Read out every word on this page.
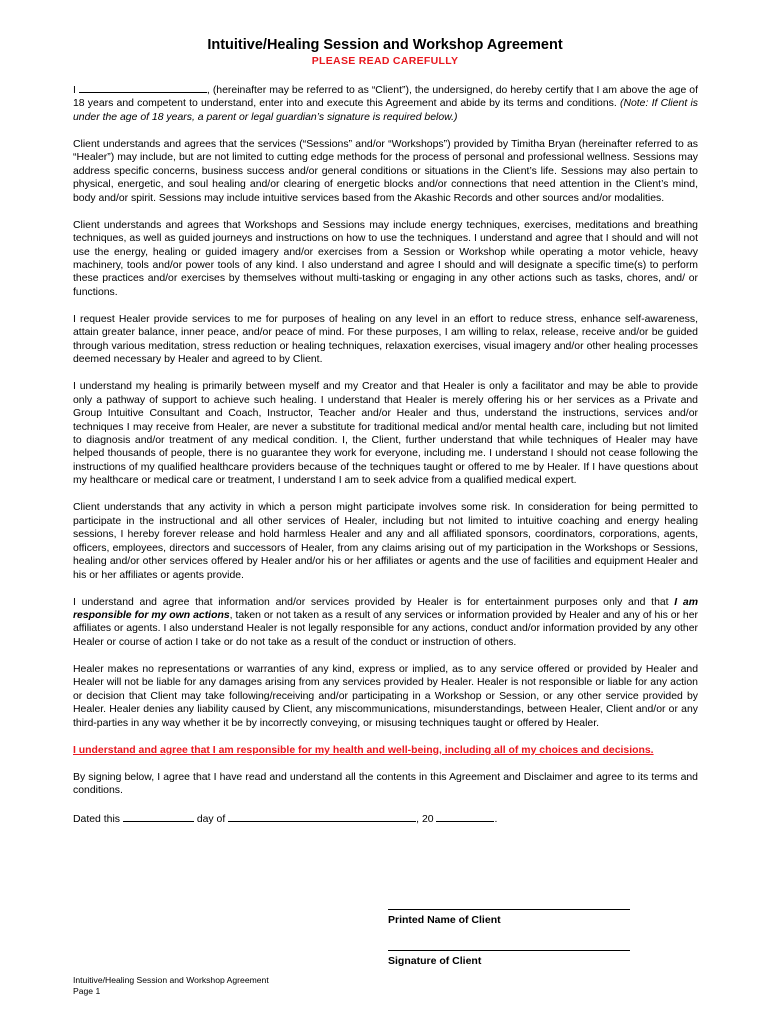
Intuitive/Healing Session and Workshop Agreement
PLEASE READ CAREFULLY

I	, (hereinafter may be referred to as “Client”), the undersigned, do hereby certify that I am above the age of 18 years and competent to understand, enter into and execute this Agreement and abide by its terms and conditions. (Note: If Client is under the age of 18 years, a parent or legal guardian’s signature is required below.)

Client understands and agrees that the services (“Sessions” and/or “Workshops”) provided by Timitha Bryan (hereinafter referred to as “Healer”) may include, but are not limited to cutting edge methods for the process of personal and professional wellness. Sessions may address specific concerns, business success and/or general conditions or situations in the Client’s life. Sessions may also pertain to physical, energetic, and soul healing and/or clearing of energetic blocks and/or connections that need attention in the Client’s mind, body and/or spirit. Sessions may include intuitive services based from the Akashic Records and other sources and/or modalities.

Client understands and agrees that Workshops and Sessions may include energy techniques, exercises, meditations and breathing techniques, as well as guided journeys and instructions on how to use the techniques. I understand and agree that I should and will not use the energy, healing or guided imagery and/or exercises from a Session or Workshop while operating a motor vehicle, heavy machinery, tools and/or power tools of any kind. I also understand and agree I should and will designate a specific time(s) to perform these practices and/or exercises by themselves without multi-tasking or engaging in any other actions such as tasks, chores, and/ or functions.

I request Healer provide services to me for purposes of healing on any level in an effort to reduce stress, enhance self-awareness, attain greater balance, inner peace, and/or peace of mind. For these purposes, I am willing to relax, release, receive and/or be guided through various meditation, stress reduction or healing techniques, relaxation exercises, visual imagery and/or other healing processes deemed necessary by Healer and agreed to by Client.

I understand my healing is primarily between myself and my Creator and that Healer is only a facilitator and may be able to provide only a pathway of support to achieve such healing. I understand that Healer is merely offering his or her services as a Private and Group Intuitive Consultant and Coach, Instructor, Teacher and/or Healer and thus, understand the instructions, services and/or techniques I may receive from Healer, are never a substitute for traditional medical and/or mental health care, including but not limited to diagnosis and/or treatment of any medical condition. I, the Client, further understand that while techniques of Healer may have helped thousands of people, there is no guarantee they work for everyone, including me. I understand I should not cease following the instructions of my qualified healthcare providers because of the techniques taught or offered to me by Healer. If I have questions about my healthcare or medical care or treatment, I understand I am to seek advice from a qualified medical expert.

Client understands that any activity in which a person might participate involves some risk. In consideration for being permitted to participate in the instructional and all other services of Healer, including but not limited to intuitive coaching and energy healing sessions, I hereby forever release and hold harmless Healer and any and all affiliated sponsors, coordinators, corporations, agents, officers, employees, directors and successors of Healer, from any claims arising out of my participation in the Workshops or Sessions, healing and/or other services offered by Healer and/or his or her affiliates or agents and the use of facilities and equipment Healer and his or her affiliates or agents provide.

I understand and agree that information and/or services provided by Healer is for entertainment purposes only and that I am responsible for my own actions, taken or not taken as a result of any services or information provided by Healer and any of his or her affiliates or agents. I also understand Healer is not legally responsible for any actions, conduct and/or information provided by any other Healer or course of action I take or do not take as a result of the conduct or instruction of others.

Healer makes no representations or warranties of any kind, express or implied, as to any service offered or provided by Healer and Healer will not be liable for any damages arising from any services provided by Healer. Healer is not responsible or liable for any action or decision that Client may take following/receiving and/or participating in a Workshop or Session, or any other service provided by Healer. Healer denies any liability caused by Client, any miscommunications, misunderstandings, between Healer, Client and/or or any third-parties in any way whether it be by incorrectly conveying, or misusing techniques taught or offered by Healer.

I understand and agree that I am responsible for my health and well-being, including all of my choices and decisions.

By signing below, I agree that I have read and understand all the contents in this Agreement and Disclaimer and agree to its terms and conditions.

Dated this	day of	, 20	.
Printed Name of Client
Signature of Client
Intuitive/Healing Session and Workshop Agreement
Page 1
